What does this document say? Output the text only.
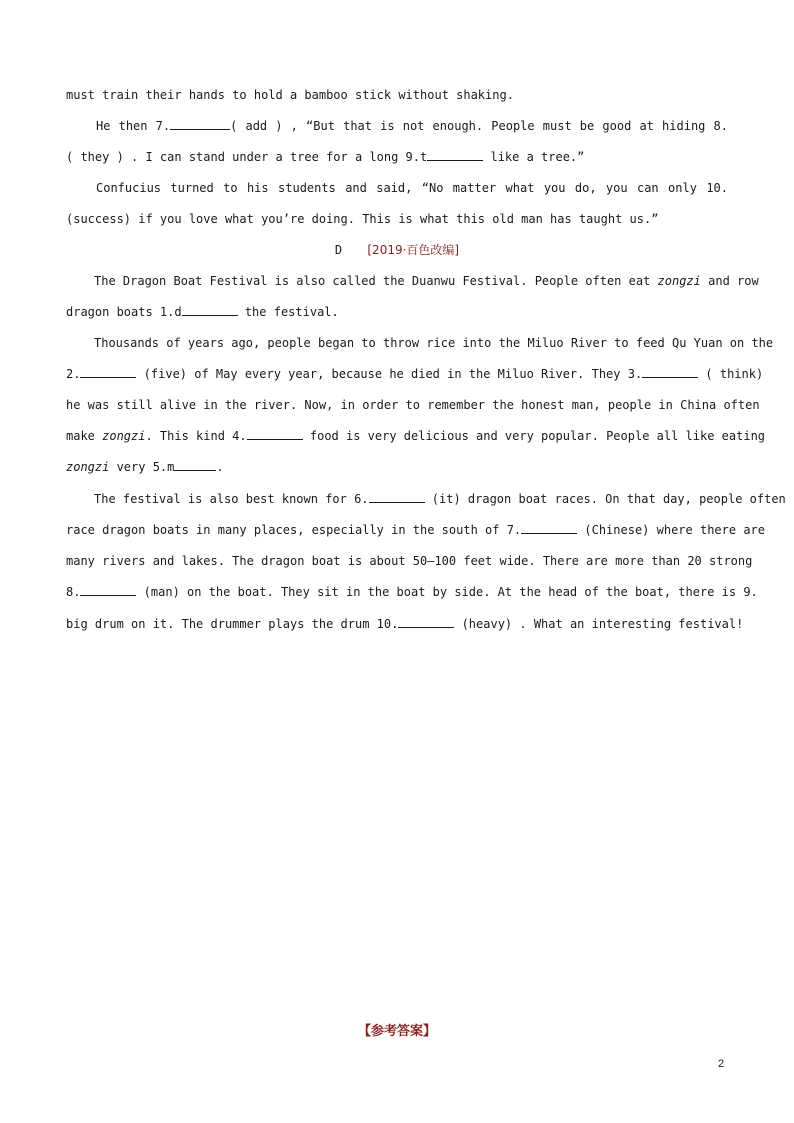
must train their hands to hold a bamboo stick without shaking.
He then 7.	( add ) , “But that is not enough. People must be good at hiding 8.
( they ) . I can stand under a tree for a long 9.t	like a tree.”
Confucius turned to his students and said, “No matter what you do, you can only 10.
(success) if you love what you’re doing. This is what this old man has taught us.”
D [2019·百色改编]
The Dragon Boat Festival is also called the Duanwu Festival. People often eat zongzi and row
dragon boats 1.d	the festival.
Thousands of years ago, people began to throw rice into the Miluo River to feed Qu Yuan on the
2.	(five) of May every year, because he died in the Miluo River. They 3.	( think)
he was still alive in the river. Now, in order to remember the honest man, people in China often
make zongzi. This kind 4.	food is very delicious and very popular. People all like eating
zongzi very 5.m	.
The festival is also best known for 6.	(it) dragon boat races. On that day, people often
race dragon boats in many places, especially in the south of 7.	(Chinese) where there are
many rivers and lakes. The dragon boat is about 50—100 feet wide. There are more than 20 strong
8.	(man) on the boat. They sit in the boat by side. At the head of the boat, there is 9.
big drum on it. The drummer plays the drum 10.	(heavy) . What an interesting festival!
【参考答案】
2
